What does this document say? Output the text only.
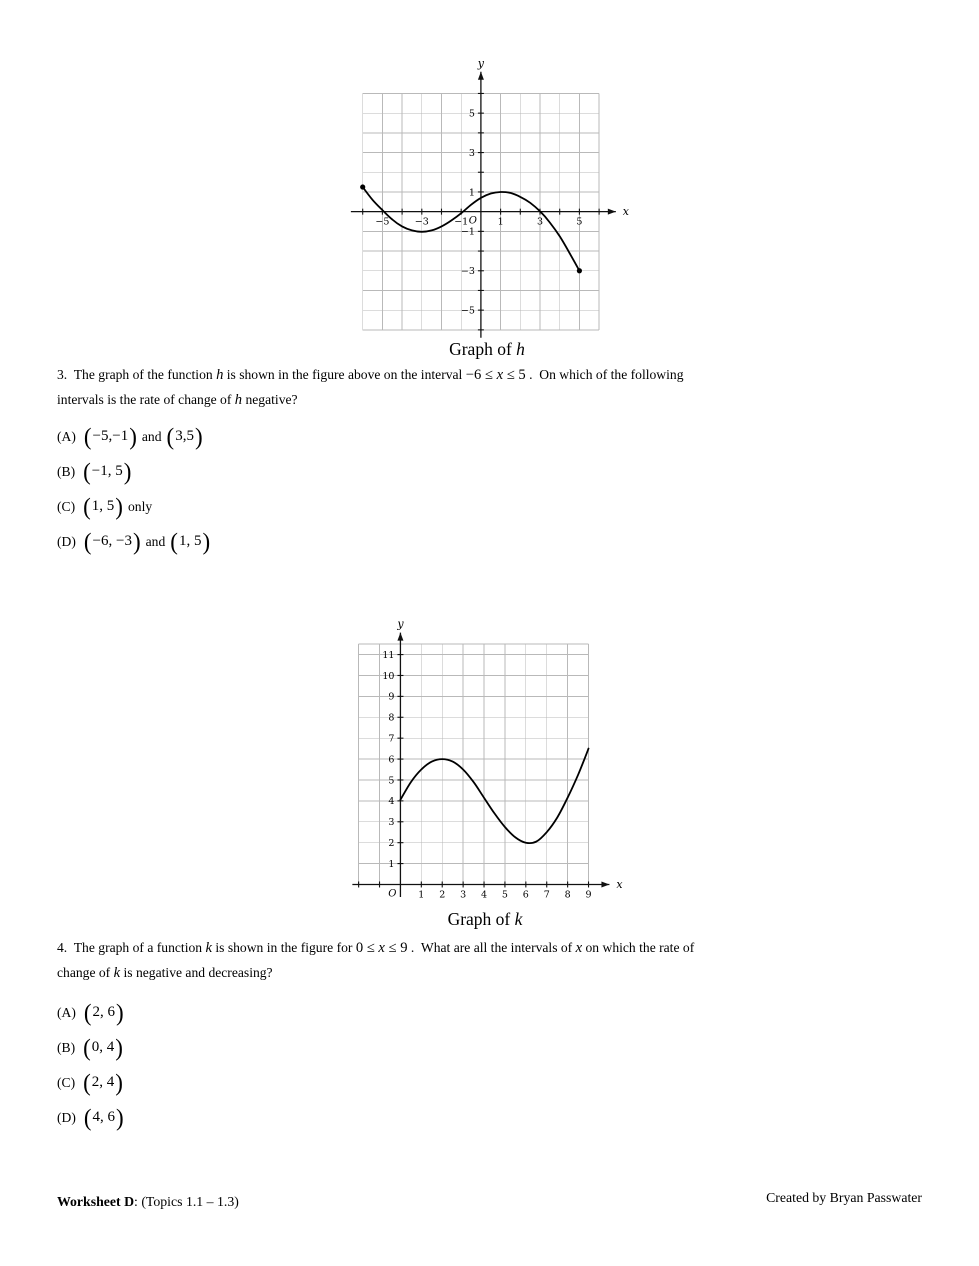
−5	−3	−1	1	3	5
5
3
1
−1
−3
−5
O
x
y
Graph of h
3.  The graph of the function h is shown in the figure above on the interval −6 ≤ x ≤ 5 .  On which of the following
intervals is the rate of change of h negative?
(A) ( −5,−1 ) and ( 3,5 )
(B) ( −1, 5 )
(C) ( 1, 5 ) only
(D) ( −6, −3 ) and ( 1, 5 )
1 2 3 4 5 6 7 8 9
1
2
3
4
5
6
7
8
9
10
11
O
x
y
Graph of k
4.  The graph of a function k is shown in the figure for 0 ≤ x ≤ 9 .  What are all the intervals of x on which the rate of
change of k is negative and decreasing?
(A) ( 2, 6 )
(B) ( 0, 4 )
(C) ( 2, 4 )
(D) ( 4, 6 )
Worksheet D: (Topics 1.1 – 1.3)	Created by Bryan Passwater
